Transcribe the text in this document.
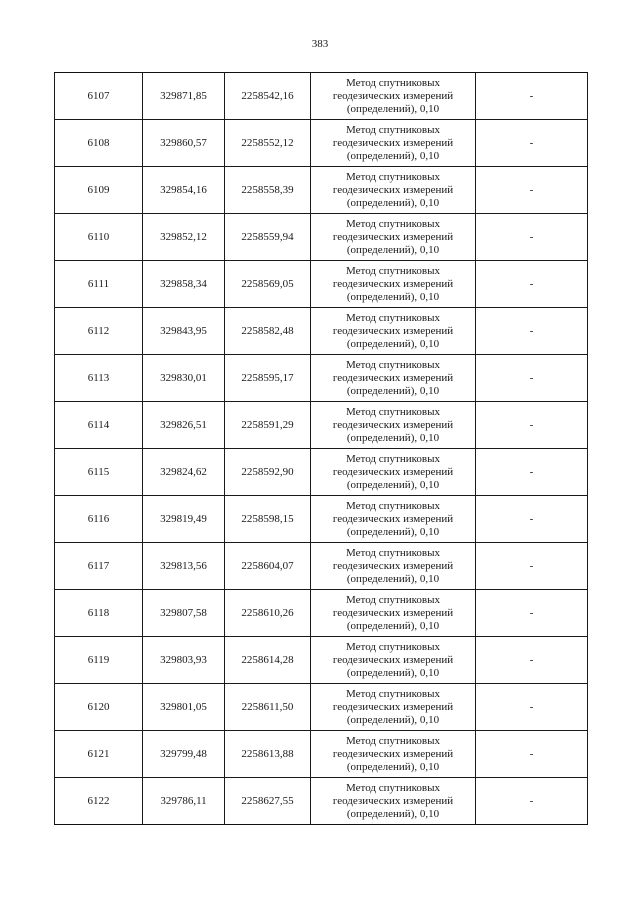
383
6107	329871,85	2258542,16	Метод спутниковых
геодезических измерений
(определений), 0,10	-
6108	329860,57	2258552,12	Метод спутниковых
геодезических измерений
(определений), 0,10	-
6109	329854,16	2258558,39	Метод спутниковых
геодезических измерений
(определений), 0,10	-
6110	329852,12	2258559,94	Метод спутниковых
геодезических измерений
(определений), 0,10	-
6111	329858,34	2258569,05	Метод спутниковых
геодезических измерений
(определений), 0,10	-
6112	329843,95	2258582,48	Метод спутниковых
геодезических измерений
(определений), 0,10	-
6113	329830,01	2258595,17	Метод спутниковых
геодезических измерений
(определений), 0,10	-
6114	329826,51	2258591,29	Метод спутниковых
геодезических измерений
(определений), 0,10	-
6115	329824,62	2258592,90	Метод спутниковых
геодезических измерений
(определений), 0,10	-
6116	329819,49	2258598,15	Метод спутниковых
геодезических измерений
(определений), 0,10	-
6117	329813,56	2258604,07	Метод спутниковых
геодезических измерений
(определений), 0,10	-
6118	329807,58	2258610,26	Метод спутниковых
геодезических измерений
(определений), 0,10	-
6119	329803,93	2258614,28	Метод спутниковых
геодезических измерений
(определений), 0,10	-
6120	329801,05	2258611,50	Метод спутниковых
геодезических измерений
(определений), 0,10	-
6121	329799,48	2258613,88	Метод спутниковых
геодезических измерений
(определений), 0,10	-
6122	329786,11	2258627,55	Метод спутниковых
геодезических измерений
(определений), 0,10	-
